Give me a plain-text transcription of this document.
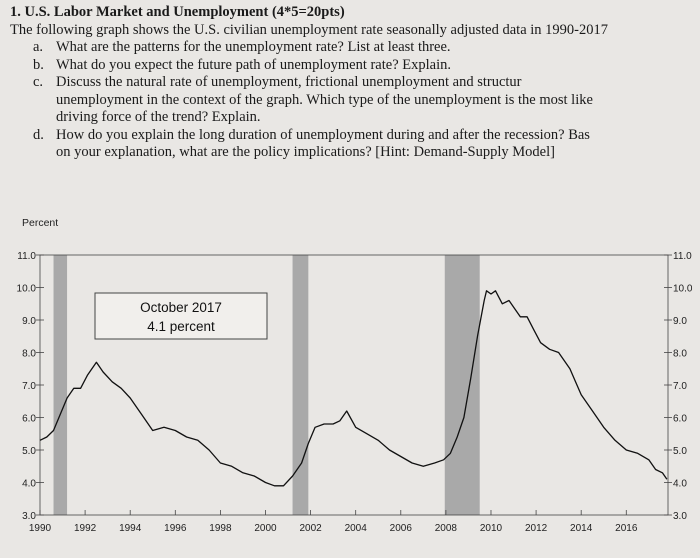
1. U.S. Labor Market and Unemployment (4*5=20pts)
The following graph shows the U.S. civilian unemployment rate seasonally adjusted data in 1990-2017
a. What are the patterns for the unemployment rate? List at least three.
b. What do you expect the future path of unemployment rate? Explain.
c. Discuss the natural rate of unemployment, frictional unemployment and structur
unemployment in the context of the graph. Which type of the unemployment is the most like
driving force of the trend? Explain.
d. How do you explain the long duration of unemployment during and after the recession? Bas
on your explanation, what are the policy implications? [Hint: Demand-Supply Model]
Percent
11.0
10.0
9.0
8.0
7.0
6.0
5.0
4.0
3.0
11.0
10.0
9.0
8.0
7.0
6.0
5.0
4.0
3.0
1990 1992 1994 1996 1998 2000 2002 2004 2006 2008 2010 2012 2014 2016
October 2017
4.1 percent
